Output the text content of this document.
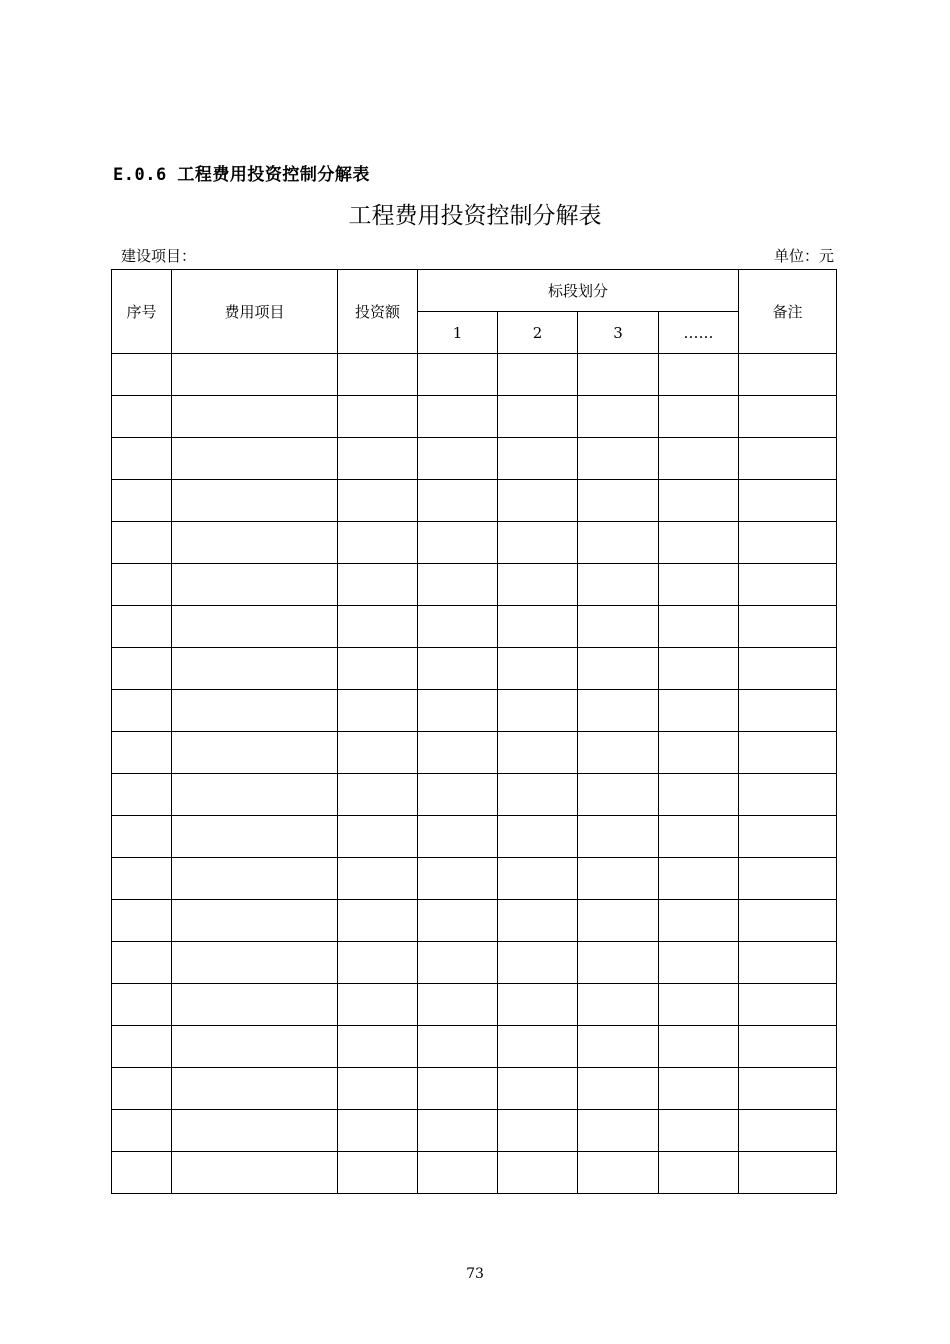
E.0.6 工程费用投资控制分解表
工程费用投资控制分解表
建设项目：	单位：元
序号	费用项目	投资额	标段划分				备注
			1	2	3	……	

73
